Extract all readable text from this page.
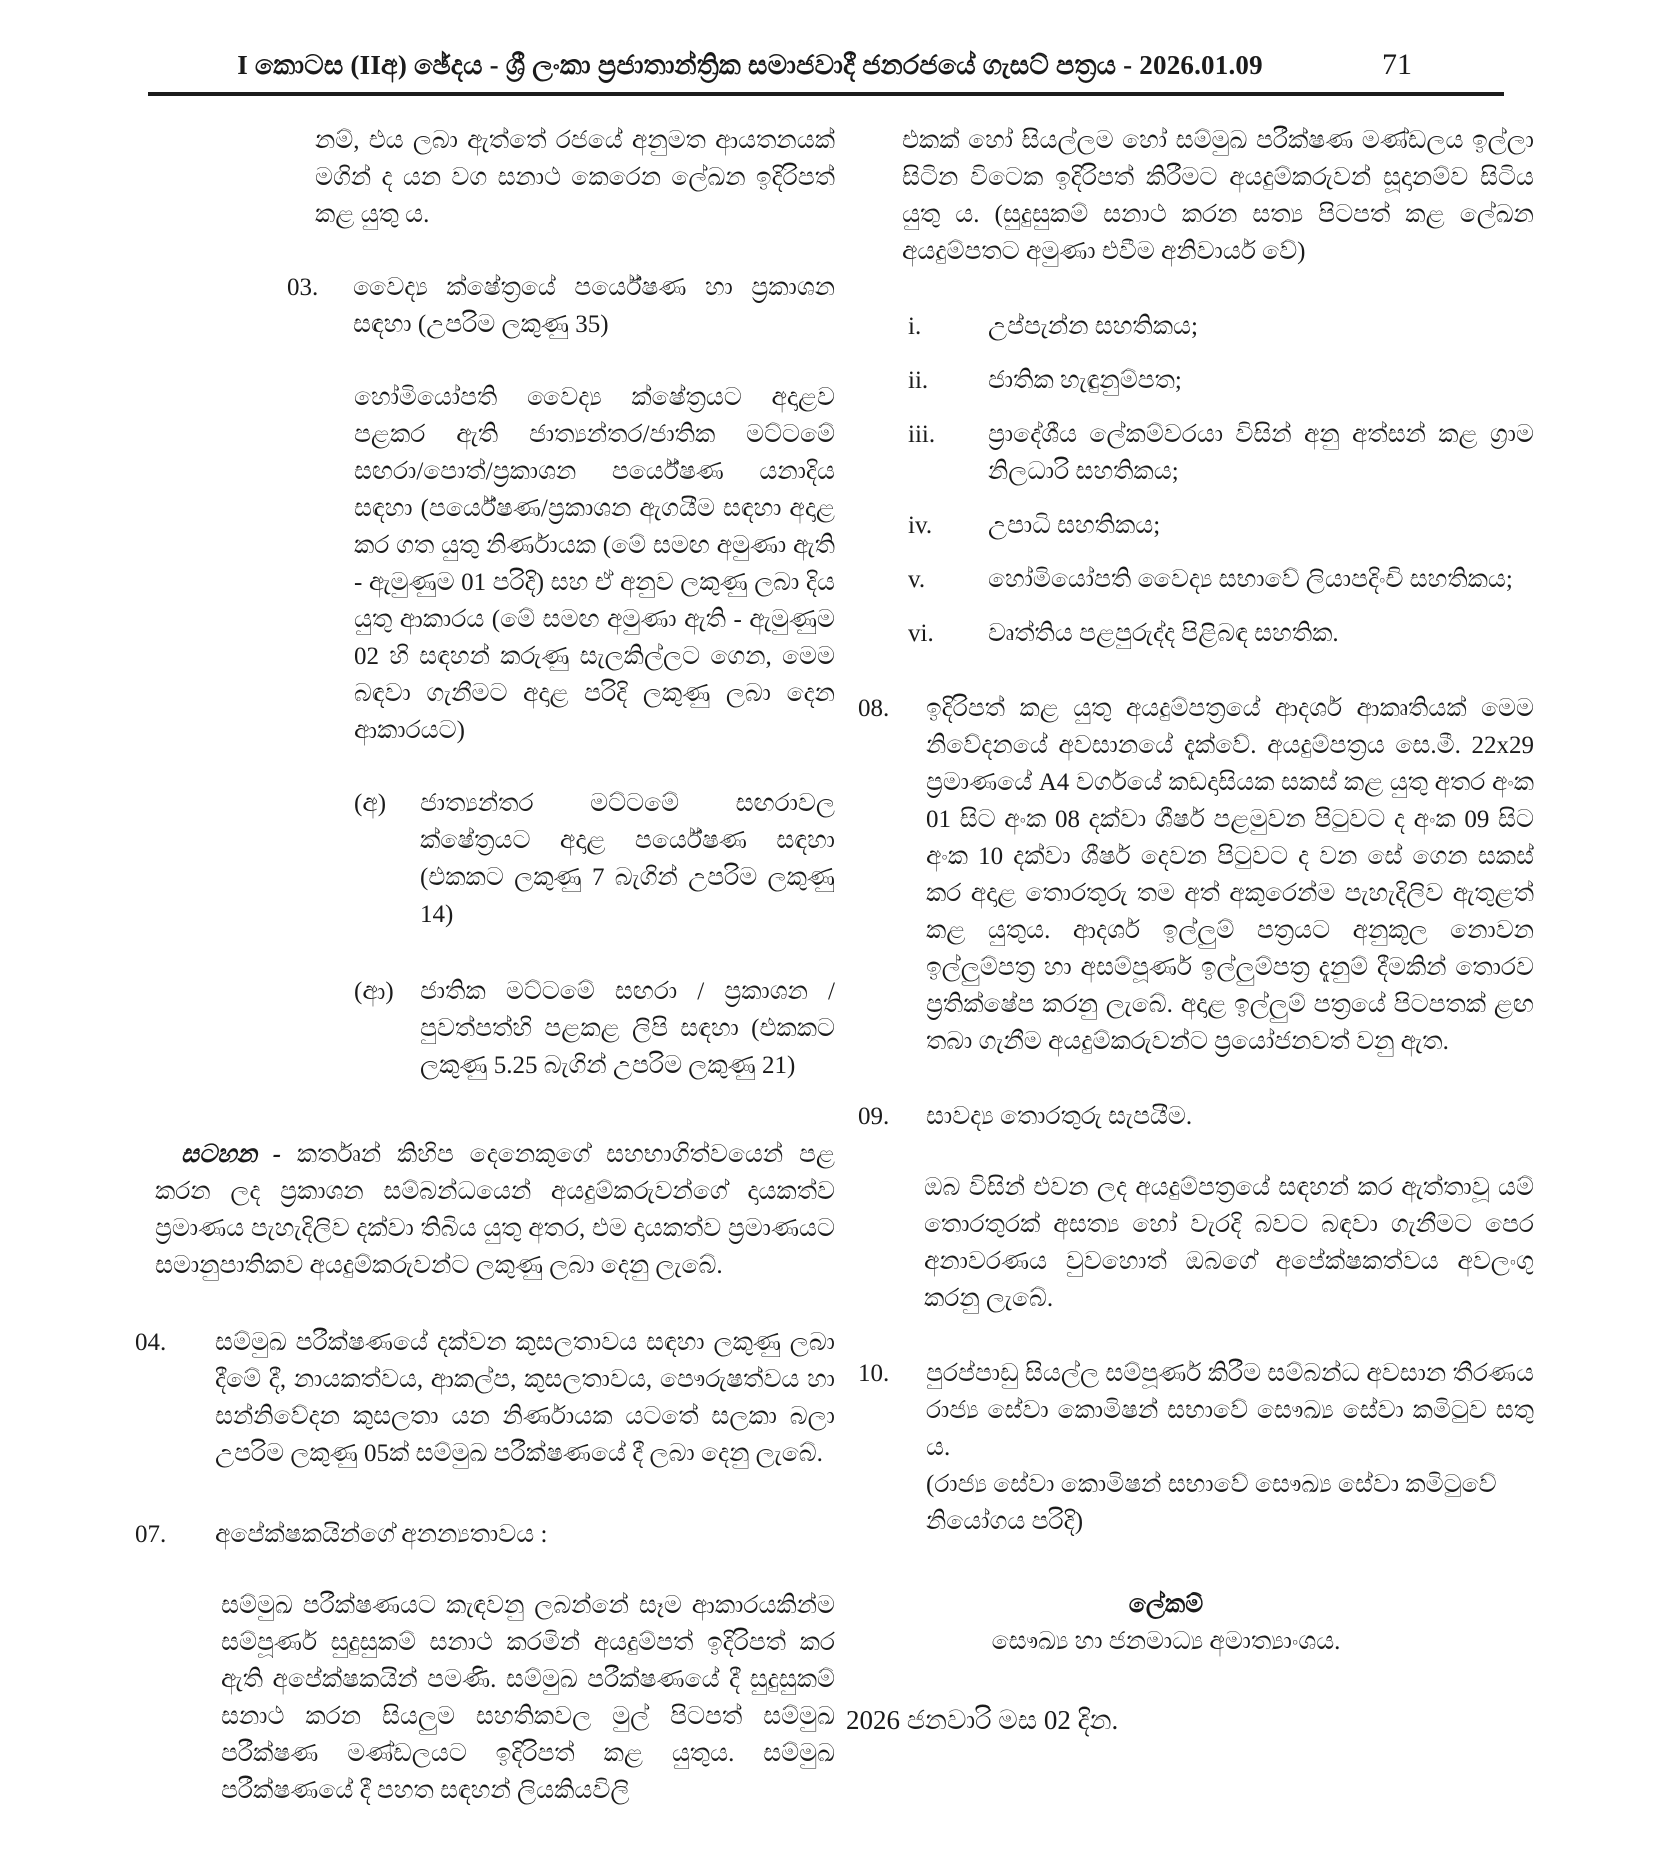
I කොටස (IIඅ) ඡේදය - ශ්‍රී ලංකා ප්‍රජාතාන්ත්‍රික සමාජවාදී ජනරජයේ ගැසට් පත්‍රය - 2026.01.09	71
නම්, එය ලබා ඇත්තේ රජයේ අනුමත ආයතනයක් මගින් ද යන වග සනාථ කෙරෙන ලේඛන ඉදිරිපත් කළ යුතු ය.
03. වෛද්‍ය ක්ෂේත්‍රයේ පර්යේෂණ හා ප්‍රකාශන සඳහා (උපරිම ලකුණු 35)
හෝමියෝපති වෛද්‍ය ක්ෂේත්‍රයට අදාළව පළකර ඇති ජාත්‍යන්තර/ජාතික මට්ටමේ සඟරා/පොත්/ප්‍රකාශන පර්යේෂණ යනාදිය සඳහා (පර්යේෂණ/ප්‍රකාශන ඇගයීම සඳහා අදාළ කර ගත යුතු නිර්ණායක (මේ සමඟ අමුණා ඇති - ඇමුණුම 01 පරිදි) සහ ඒ අනුව ලකුණු ලබා දිය යුතු ආකාරය (මේ සමඟ අමුණා ඇති - ඇමුණුම 02 හි සඳහන් කරුණු සැලකිල්ලට ගෙන, මෙම බඳවා ගැනීමට අදාළ පරිදි ලකුණු ලබා දෙන ආකාරයට)
(අ) ජාත්‍යන්තර මට්ටමේ සඟරාවල ක්ෂේත්‍රයට අදාළ පර්යේෂණ සඳහා (එකකට ලකුණු 7 බැගින් උපරිම ලකුණු 14)
(ආ) ජාතික මට්ටමේ සඟරා / ප්‍රකාශන / පුවත්පත්හි පළකළ ලිපි සඳහා (එකකට ලකුණු 5.25 බැගින් උපරිම ලකුණු 21)
සටහන - කර්තෘන් කිහිප දෙනෙකුගේ සහභාගිත්වයෙන් පළ කරන ලද ප්‍රකාශන සම්බන්ධයෙන් අයදුම්කරුවන්ගේ දායකත්ව ප්‍රමාණය පැහැදිලිව දක්වා තිබිය යුතු අතර, එම දායකත්ව ප්‍රමාණයට සමානුපාතිකව අයදුම්කරුවන්ට ලකුණු ලබා දෙනු ලැබේ.
04. සම්මුඛ පරීක්ෂණයේ දක්වන කුසලතාවය සඳහා ලකුණු ලබා දීමේ දී, නායකත්වය, ආකල්ප, කුසලතාවය, පෞරුෂත්වය හා සන්නිවේදන කුසලතා යන නිර්ණායක යටතේ සලකා බලා උපරිම ලකුණු 05ක් සම්මුඛ පරීක්ෂණයේ දී ලබා දෙනු ලැබේ.
07. අපේක්ෂකයින්ගේ අනන්‍යතාවය :
සම්මුඛ පරීක්ෂණයට කැඳවනු ලබන්නේ සෑම ආකාරයකින්ම සම්පූර්ණ සුදුසුකම් සනාථ කරමින් අයදුම්පත් ඉදිරිපත් කර ඇති අපේක්ෂකයින් පමණි. සම්මුඛ පරීක්ෂණයේ දී සුදුසුකම් සනාථ කරන සියලුම සහතිකවල මුල් පිටපත් සම්මුඛ පරීක්ෂණ මණ්ඩලයට ඉදිරිපත් කළ යුතුය. සම්මුඛ පරීක්ෂණයේ දී පහත සඳහන් ලියකියවිලි
එකක් හෝ සියල්ලම හෝ සම්මුඛ පරීක්ෂණ මණ්ඩලය ඉල්ලා සිටින විටෙක ඉදිරිපත් කිරීමට අයදුම්කරුවන් සූදානම්ව සිටිය යුතු ය. (සුදුසුකම් සනාථ කරන සත්‍ය පිටපත් කළ ලේඛන අයදුම්පතට අමුණා එවීම අනිවාර්ය වේ)
i.	උප්පැන්න සහතිකය;
ii. ජාතික හැඳුනුම්පත;
iii. ප්‍රාදේශීය ලේකම්වරයා විසින් අනු අත්සන් කළ ග්‍රාම නිලධාරි සහතිකය;
iv. උපාධි සහතිකය;
v.	හෝමියෝපති වෛද්‍ය සභාවේ ලියාපදිංචි සහතිකය;
vi. වෘත්තිය පළපුරුද්ද පිළිබඳ සහතික.
08. ඉදිරිපත් කළ යුතු අයදුම්පත්‍රයේ ආදර්ශ ආකෘතියක් මෙම නිවේදනයේ අවසානයේ දැක්වේ. අයදුම්පත්‍රය සෙ.මී. 22x29 ප්‍රමාණයේ A4 වර්ගයේ කඩදාසියක සකස් කළ යුතු අතර අංක 01 සිට අංක 08 දක්වා ශීර්ෂ පළමුවන පිටුවට ද අංක 09 සිට අංක 10 දක්වා ශීර්ෂ දෙවන පිටුවට ද වන සේ ගෙන සකස් කර අදාළ තොරතුරු තම අත් අකුරෙන්ම පැහැදිලිව ඇතුළත් කළ යුතුය. ආදර්ශ ඉල්ලුම් පත්‍රයට අනුකූල නොවන ඉල්ලුම්පත්‍ර හා අසම්පූර්ණ ඉල්ලුම්පත්‍ර දැනුම් දීමකින් තොරව ප්‍රතික්ෂේප කරනු ලැබේ. අදාළ ඉල්ලුම් පත්‍රයේ පිටපතක් ළඟ තබා ගැනීම අයදුම්කරුවන්ට ප්‍රයෝජනවත් වනු ඇත.
09. සාවද්‍ය තොරතුරු සැපයීම.
ඔබ විසින් එවන ලද අයදුම්පත්‍රයේ සඳහන් කර ඇත්තාවූ යම් තොරතුරක් අසත්‍ය හෝ වැරදි බවට බඳවා ගැනීමට පෙර අනාවරණය වුවහොත් ඔබගේ අපේක්ෂකත්වය අවලංගු කරනු ලැබේ.
10. පුරප්පාඩු සියල්ල සම්පූර්ණ කිරීම සම්බන්ධ අවසාන තීරණය රාජ්‍ය සේවා කොමිෂන් සභාවේ සෞඛ්‍ය සේවා කමිටුව සතු ය.
(රාජ්‍ය සේවා කොමිෂන් සභාවේ සෞඛ්‍ය සේවා කමිටුවේ නියෝගය පරිදි)
ලේකම්
සෞඛ්‍ය හා ජනමාධ්‍ය අමාත්‍යාංශය.
2026 ජනවාරි මස 02 දින.
